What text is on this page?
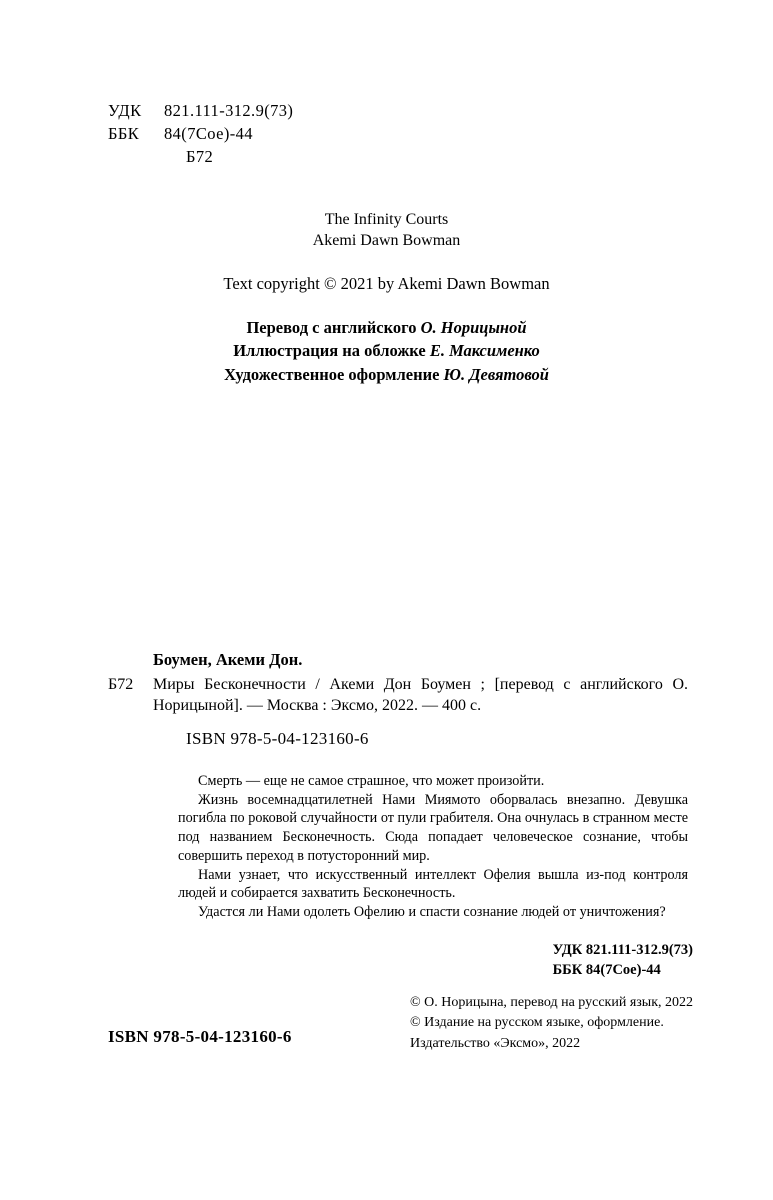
УДК	821.111-312.9(73)
ББК	84(7Сое)-44
Б72
The Infinity Courts
Akemi Dawn Bowman
Text copyright © 2021 by Akemi Dawn Bowman
Перевод с английского О. Норицыной
Иллюстрация на обложке Е. Максименко
Художественное оформление Ю. Девятовой
Боумен, Акеми Дон.
Б72	Миры Бесконечности / Акеми Дон Боумен ; [перевод с английского О. Норицыной]. — Москва : Эксмо, 2022. — 400 с.
ISBN 978-5-04-123160-6

Смерть — еще не самое страшное, что может произойти.

Жизнь восемнадцатилетней Нами Миямото оборвалась внезапно. Девушка погибла по роковой случайности от пули грабителя. Она очнулась в странном месте под названием Бесконечность. Сюда попадает человеческое сознание, чтобы совершить переход в потусторонний мир.

Нами узнает, что искусственный интеллект Офелия вышла из-под контроля людей и собирается захватить Бесконечность.

Удастся ли Нами одолеть Офелию и спасти сознание людей от уничтожения?

УДК 821.111-312.9(73)
ББК 84(7Сое)-44
© О. Норицына, перевод на русский язык, 2022
© Издание на русском языке, оформление.
Издательство «Эксмо», 2022
ISBN 978-5-04-123160-6
